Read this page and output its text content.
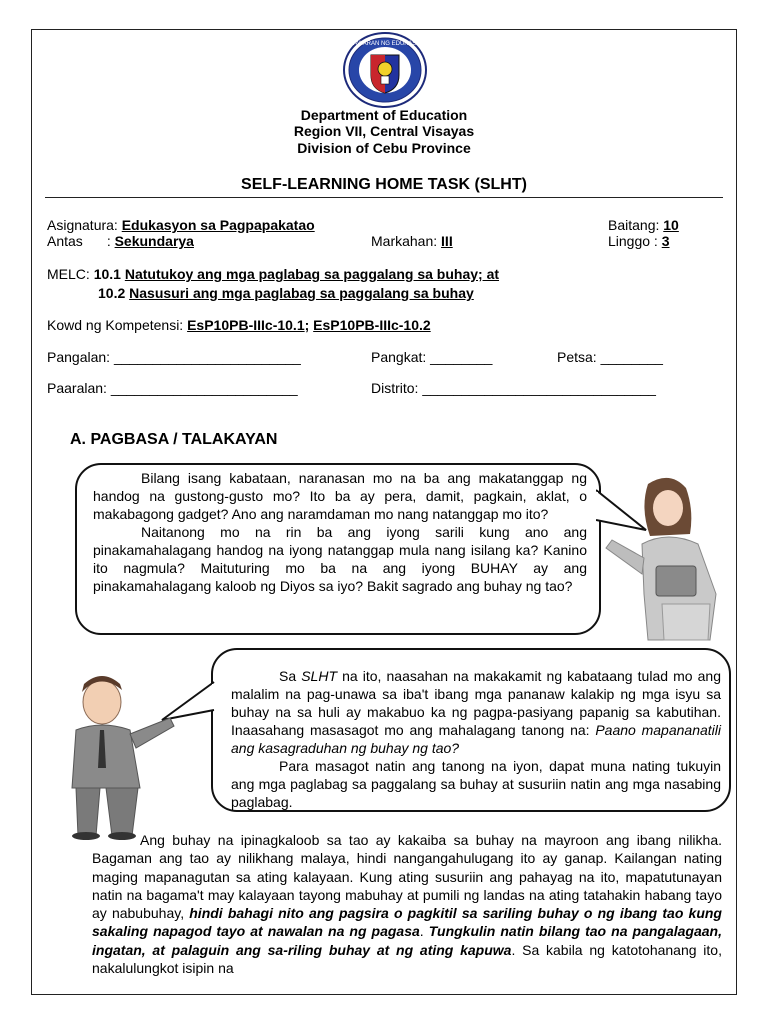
KAGAWARAN NG EDUKASYON
Department of Education
Region VII, Central Visayas
Division of Cebu Province
SELF-LEARNING HOME TASK (SLHT)
Asignatura: Edukasyon sa Pagpapakatao	Baitang: 10
Antas : Sekundarya	Markahan: III	Linggo : 3
MELC: 10.1 Natutukoy ang mga paglabag sa paggalang sa buhay; at
10.2 Nasusuri ang mga paglabag sa paggalang sa buhay
Kowd ng Kompetensi: EsP10PB-IIIc-10.1; EsP10PB-IIIc-10.2
Pangalan: ________________________	Pangkat: ________	Petsa: ________
Paaralan: ________________________	Distrito: ______________________________
A. PAGBASA / TALAKAYAN

Bilang isang kabataan, naranasan mo na ba ang makatanggap ng handog na gustong-gusto mo? Ito ba ay pera, damit, pagkain, aklat, o makabagong gadget? Ano ang naramdaman mo nang natanggap mo ito?

Naitanong mo na rin ba ang iyong sarili kung ano ang pinakamahalagang handog na iyong natanggap mula nang isilang ka? Kanino ito nagmula? Maituturing mo ba na ang iyong BUHAY ay ang pinakamahalagang kaloob ng Diyos sa iyo? Bakit sagrado ang buhay ng tao?

Sa SLHT na ito, naasahan na makakamit ng kabataang tulad mo ang malalim na pag-unawa sa iba't ibang mga pananaw kalakip ng mga isyu sa buhay na sa huli ay makabuo ka ng pagpa-pasiyang papanig sa kabutihan. Inaasahang masasagot mo ang mahalagang tanong na: Paano mapananatili ang kasagraduhan ng buhay ng tao?

Para masagot natin ang tanong na iyon, dapat muna nating tukuyin ang mga paglabag sa paggalang sa buhay at susuriin natin ang mga nasabing paglabag.

Ang buhay na ipinagkaloob sa tao ay kakaiba sa buhay na mayroon ang ibang nilikha. Bagaman ang tao ay nilikhang malaya, hindi nangangahulugang ito ay ganap. Kailangan nating maging mapanagutan sa ating kalayaan. Kung ating susuriin ang pahayag na ito, mapatutunayan natin na bagama't may kalayaan tayong mabuhay at pumili ng landas na ating tatahakin habang tayo ay nabubuhay, hindi bahagi nito ang pagsira o pagkitil sa sariling buhay o ng ibang tao kung sakaling napagod tayo at nawalan na ng pagasa. Tungkulin natin bilang tao na pangalagaan, ingatan, at palaguin ang sa-riling buhay at ng ating kapuwa. Sa kabila ng katotohanang ito, nakalulungkot isipin na
